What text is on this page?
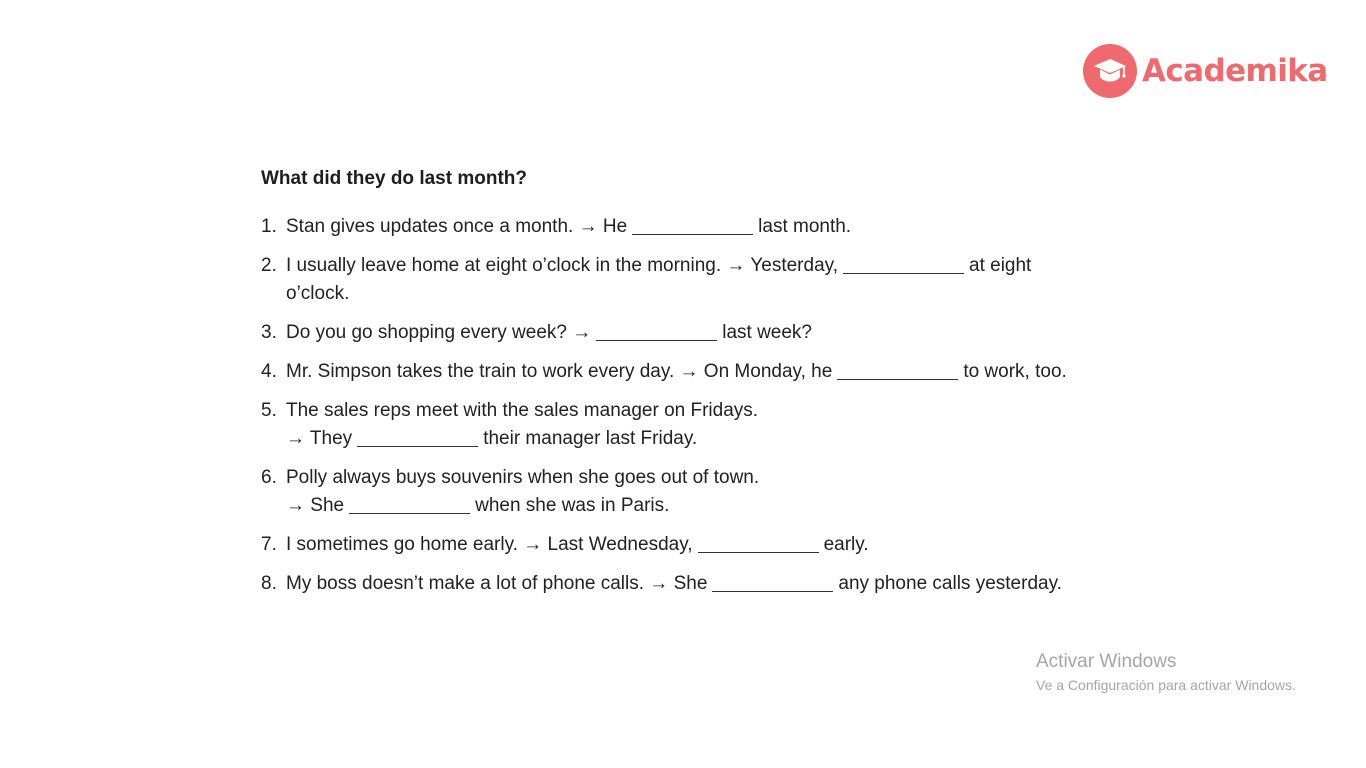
Academika
What did they do last month?
1. Stan gives updates once a month. → He	last month.
2. I usually leave home at eight o’clock in the morning. → Yesterday,	at eight
o’clock.
3. Do you go shopping every week? →	last week?
4. Mr. Simpson takes the train to work every day. → On Monday, he	to work, too.
5. The sales reps meet with the sales manager on Fridays.
→ They	their manager last Friday.
6. Polly always buys souvenirs when she goes out of town.
→ She	when she was in Paris.
7. I sometimes go home early. → Last Wednesday,	early.
8. My boss doesn’t make a lot of phone calls. → She	any phone calls yesterday.
Activar Windows
Ve a Configuración para activar Windows.
